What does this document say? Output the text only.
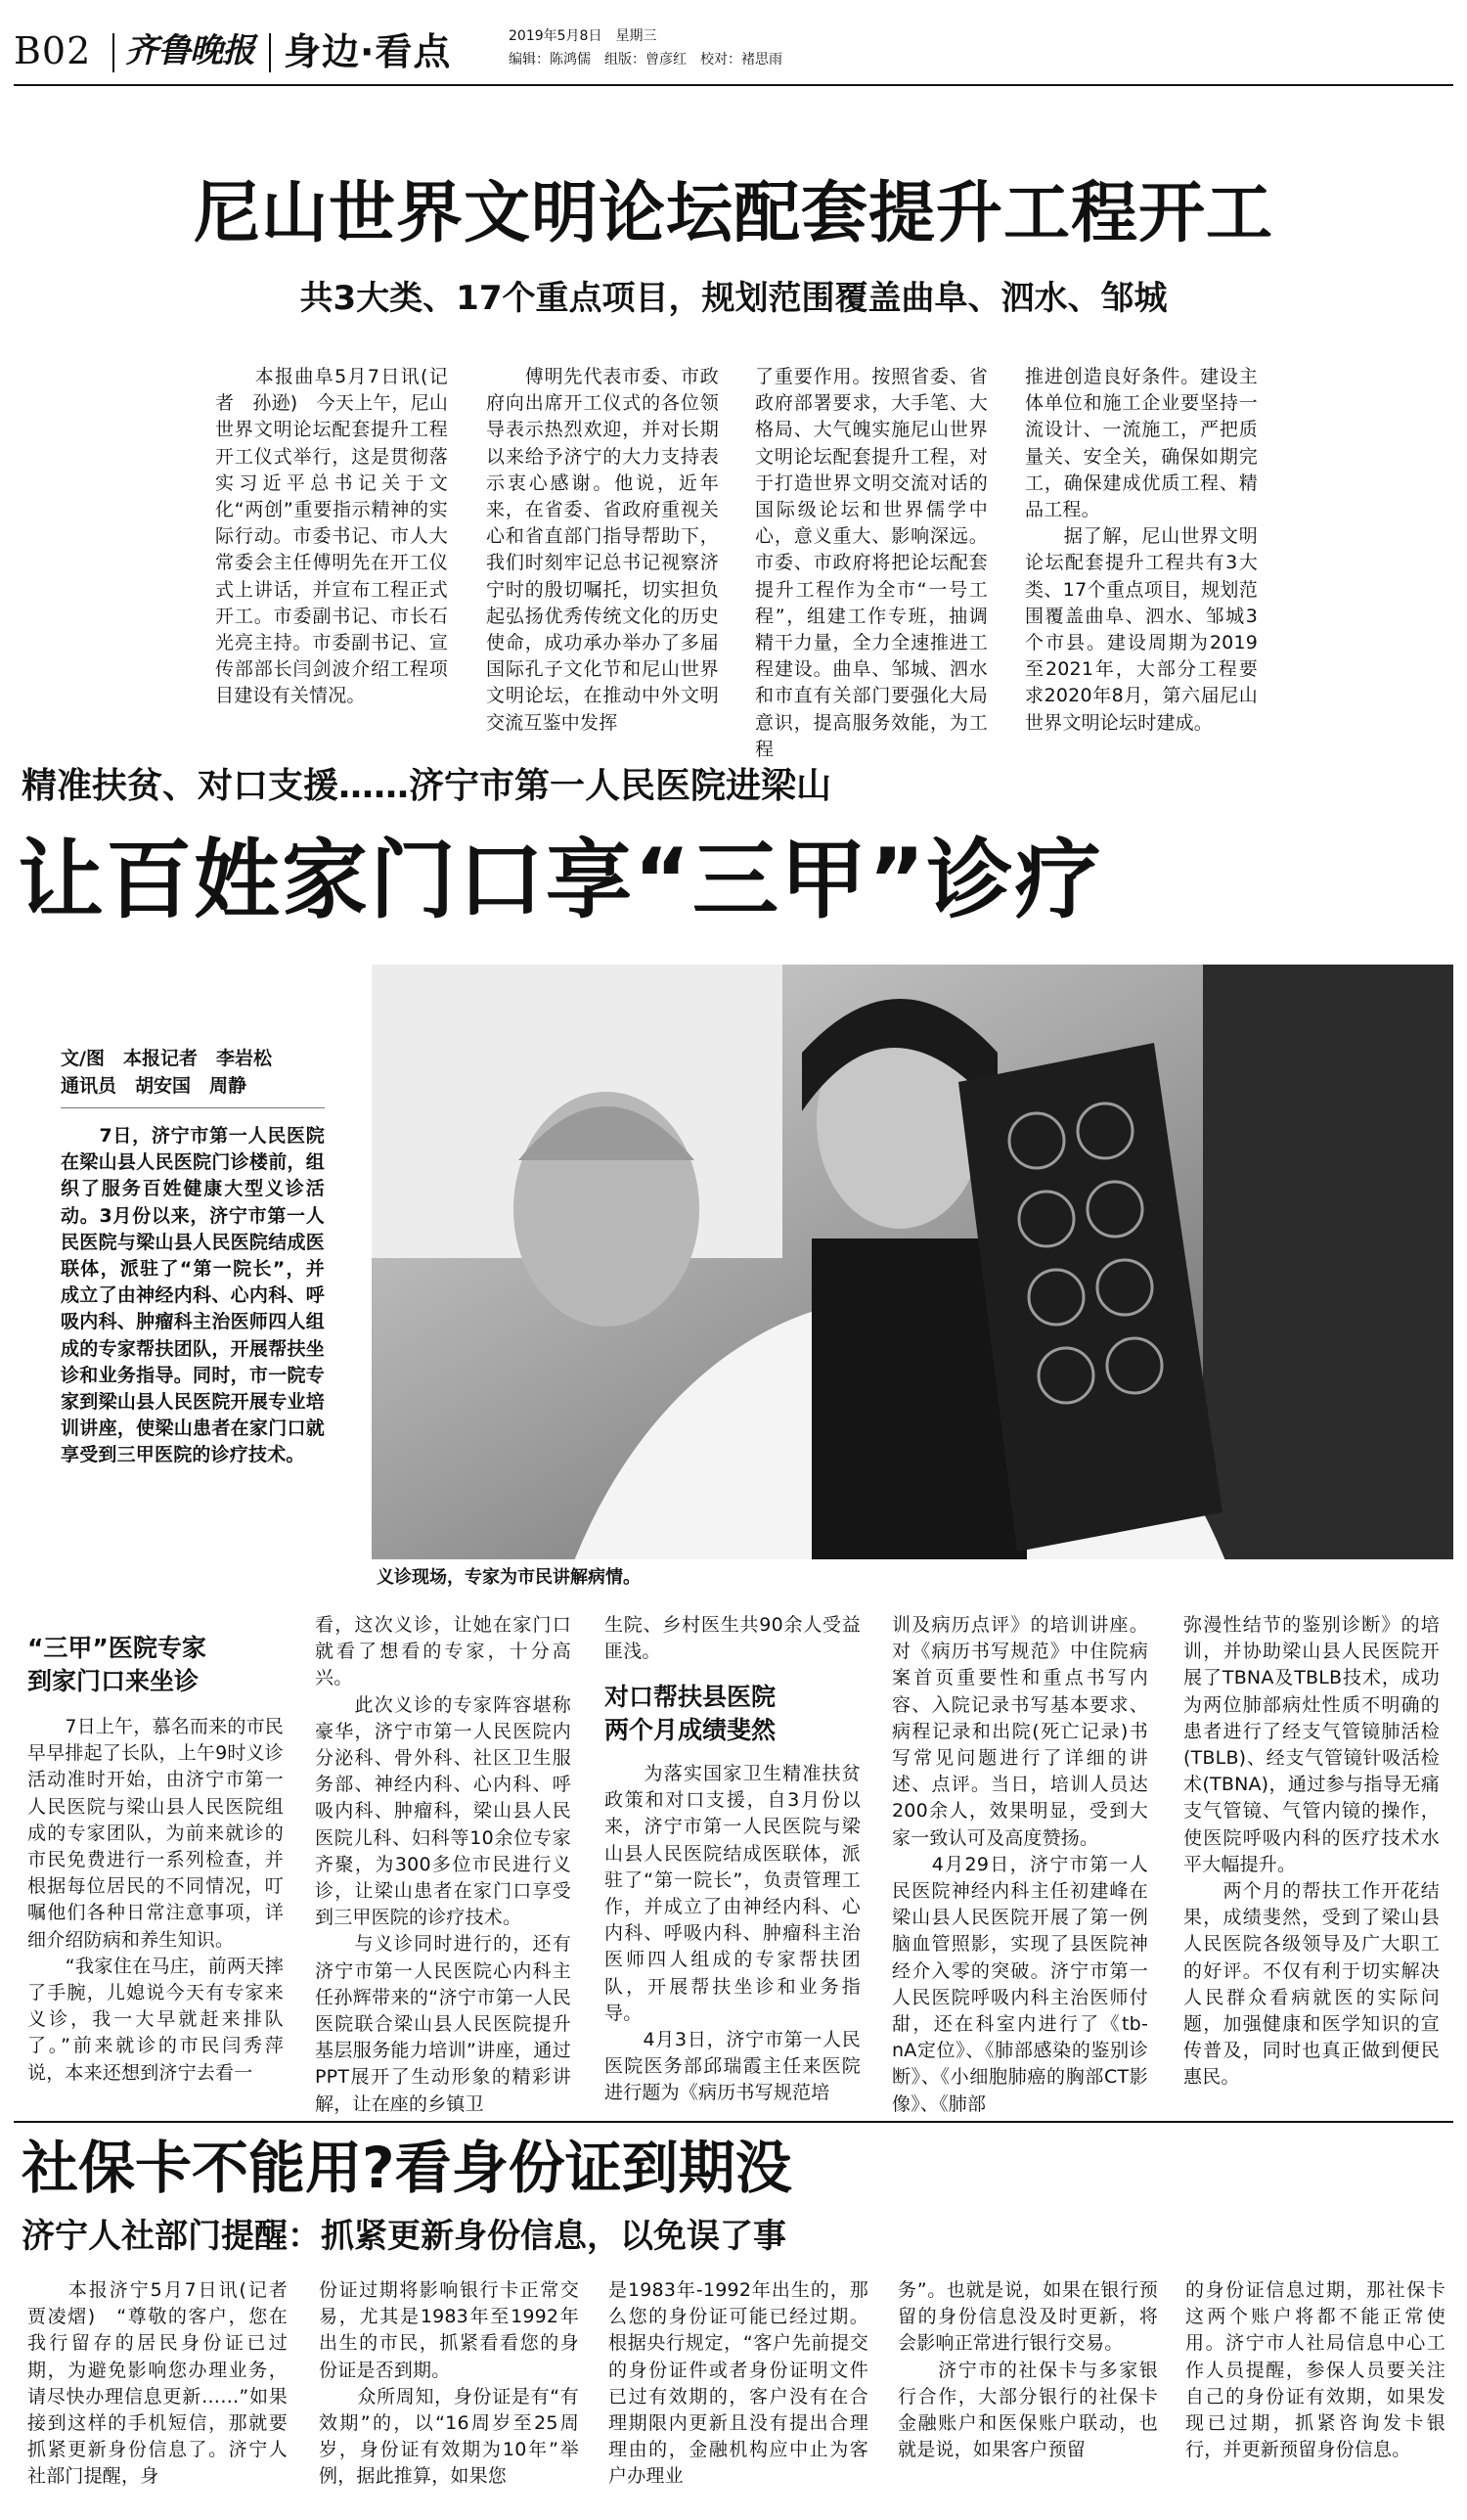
B02 齐鲁晚报 身边·看点	2019年5月8日　星期三
编辑：陈鸿儒　组版：曾彦红　校对：褚思雨
尼山世界文明论坛配套提升工程开工
共3大类、17个重点项目，规划范围覆盖曲阜、泗水、邹城
　　本报曲阜5月7日讯(记者　孙逊)　今天上午，尼山世界文明论坛配套提升工程开工仪式举行，这是贯彻落实习近平总书记关于文化“两创”重要指示精神的实际行动。市委书记、市人大常委会主任傅明先在开工仪式上讲话，并宣布工程正式开工。市委副书记、市长石光亮主持。市委副书记、宣传部部长闫剑波介绍工程项目建设有关情况。
　　傅明先代表市委、市政府向出席开工仪式的各位领导表示热烈欢迎，并对长期以来给予济宁的大力支持表示衷心感谢。他说，近年来，在省委、省政府重视关心和省直部门指导帮助下，我们时刻牢记总书记视察济宁时的殷切嘱托，切实担负起弘扬优秀传统文化的历史使命，成功承办举办了多届国际孔子文化节和尼山世界文明论坛，在推动中外文明交流互鉴中发挥
了重要作用。按照省委、省政府部署要求，大手笔、大格局、大气魄实施尼山世界文明论坛配套提升工程，对于打造世界文明交流对话的国际级论坛和世界儒学中心，意义重大、影响深远。市委、市政府将把论坛配套提升工程作为全市“一号工程”，组建工作专班，抽调精干力量，全力全速推进工程建设。曲阜、邹城、泗水和市直有关部门要强化大局意识，提高服务效能，为工程
推进创造良好条件。建设主体单位和施工企业要坚持一流设计、一流施工，严把质量关、安全关，确保如期完工，确保建成优质工程、精品工程。
　　据了解，尼山世界文明论坛配套提升工程共有3大类、17个重点项目，规划范围覆盖曲阜、泗水、邹城3个市县。建设周期为2019至2021年，大部分工程要求2020年8月，第六届尼山世界文明论坛时建成。
精准扶贫、对口支援……济宁市第一人民医院进梁山
让百姓家门口享“三甲”诊疗
文/图　本报记者　李岩松
通讯员　胡安国　周静
　　7日，济宁市第一人民医院在梁山县人民医院门诊楼前，组织了服务百姓健康大型义诊活动。3月份以来，济宁市第一人民医院与梁山县人民医院结成医联体，派驻了“第一院长”，并成立了由神经内科、心内科、呼吸内科、肿瘤科主治医师四人组成的专家帮扶团队，开展帮扶坐诊和业务指导。同时，市一院专家到梁山县人民医院开展专业培训讲座，使梁山患者在家门口就享受到三甲医院的诊疗技术。
义诊现场，专家为市民讲解病情。
“三甲”医院专家
到家门口来坐诊
　　7日上午，慕名而来的市民早早排起了长队，上午9时义诊活动准时开始，由济宁市第一人民医院与梁山县人民医院组成的专家团队，为前来就诊的市民免费进行一系列检查，并根据每位居民的不同情况，叮嘱他们各种日常注意事项，详细介绍防病和养生知识。
　　“我家住在马庄，前两天摔了手腕，儿媳说今天有专家来义诊，我一大早就赶来排队了。”前来就诊的市民闫秀萍说，本来还想到济宁去看一
看，这次义诊，让她在家门口就看了想看的专家，十分高兴。
　　此次义诊的专家阵容堪称豪华，济宁市第一人民医院内分泌科、骨外科、社区卫生服务部、神经内科、心内科、呼吸内科、肿瘤科，梁山县人民医院儿科、妇科等10余位专家齐聚，为300多位市民进行义诊，让梁山患者在家门口享受到三甲医院的诊疗技术。
　　与义诊同时进行的，还有济宁市第一人民医院心内科主任孙辉带来的“济宁市第一人民医院联合梁山县人民医院提升基层服务能力培训”讲座，通过PPT展开了生动形象的精彩讲解，让在座的乡镇卫
生院、乡村医生共90余人受益匪浅。
对口帮扶县医院
两个月成绩斐然
　　为落实国家卫生精准扶贫政策和对口支援，自3月份以来，济宁市第一人民医院与梁山县人民医院结成医联体，派驻了“第一院长”，负责管理工作，并成立了由神经内科、心内科、呼吸内科、肿瘤科主治医师四人组成的专家帮扶团队，开展帮扶坐诊和业务指导。
　　4月3日，济宁市第一人民医院医务部邱瑞霞主任来医院进行题为《病历书写规范培
训及病历点评》的培训讲座。对《病历书写规范》中住院病案首页重要性和重点书写内容、入院记录书写基本要求、病程记录和出院(死亡记录)书写常见问题进行了详细的讲述、点评。当日，培训人员达200余人，效果明显，受到大家一致认可及高度赞扬。
　　4月29日，济宁市第一人民医院神经内科主任初建峰在梁山县人民医院开展了第一例脑血管照影，实现了县医院神经介入零的突破。济宁市第一人民医院呼吸内科主治医师付甜，还在科室内进行了《tb-nA定位》、《肺部感染的鉴别诊断》、《小细胞肺癌的胸部CT影像》、《肺部
弥漫性结节的鉴别诊断》的培训，并协助梁山县人民医院开展了TBNA及TBLB技术，成功为两位肺部病灶性质不明确的患者进行了经支气管镜肺活检(TBLB)、经支气管镜针吸活检术(TBNA)，通过参与指导无痛支气管镜、气管内镜的操作，使医院呼吸内科的医疗技术水平大幅提升。
　　两个月的帮扶工作开花结果，成绩斐然，受到了梁山县人民医院各级领导及广大职工的好评。不仅有利于切实解决人民群众看病就医的实际问题，加强健康和医学知识的宣传普及，同时也真正做到便民惠民。
社保卡不能用?看身份证到期没
济宁人社部门提醒：抓紧更新身份信息，以免误了事
　　本报济宁5月7日讯(记者　贾凌熠)　“尊敬的客户，您在我行留存的居民身份证已过期，为避免影响您办理业务，请尽快办理信息更新……”如果接到这样的手机短信，那就要抓紧更新身份信息了。济宁人社部门提醒，身
份证过期将影响银行卡正常交易，尤其是1983年至1992年出生的市民，抓紧看看您的身份证是否到期。
　　众所周知，身份证是有“有效期”的，以“16周岁至25周岁，身份证有效期为10年”举例，据此推算，如果您
是1983年-1992年出生的，那么您的身份证可能已经过期。根据央行规定，“客户先前提交的身份证件或者身份证明文件已过有效期的，客户没有在合理期限内更新且没有提出合理理由的，金融机构应中止为客户办理业
务”。也就是说，如果在银行预留的身份信息没及时更新，将会影响正常进行银行交易。
　　济宁市的社保卡与多家银行合作，大部分银行的社保卡金融账户和医保账户联动，也就是说，如果客户预留
的身份证信息过期，那社保卡这两个账户将都不能正常使用。济宁市人社局信息中心工作人员提醒，参保人员要关注自己的身份证有效期，如果发现已过期，抓紧咨询发卡银行，并更新预留身份信息。
